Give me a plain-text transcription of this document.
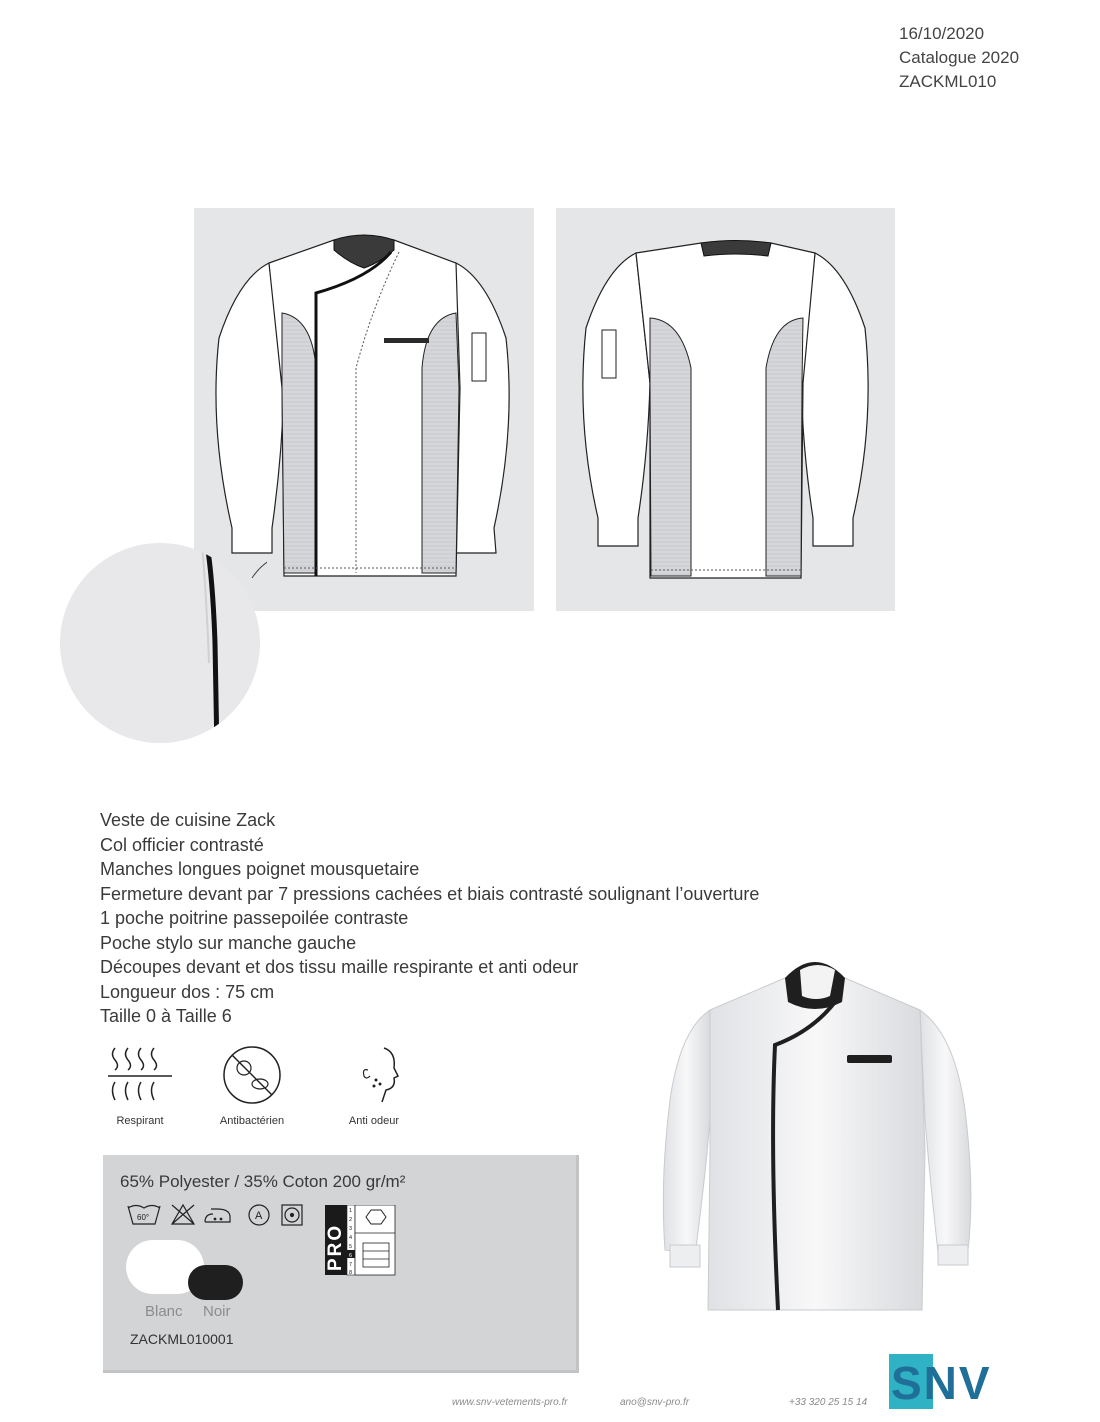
16/10/2020
Catalogue 2020
ZACKML010
Veste de cuisine Zack
Col officier contrasté
Manches longues poignet mousquetaire
Fermeture devant par 7 pressions cachées et biais contrasté soulignant l’ouverture
1 poche poitrine passepoilée contraste
Poche stylo sur manche gauche
Découpes devant et dos tissu maille respirante et anti odeur
Longueur dos : 75 cm
Taille 0 à Taille 6
Respirant	Antibactérien	Anti odeur
65% Polyester / 35% Coton 200 gr/m²
60°	A
PRO
1
2
3
4
5
6
7
8
Blanc Noir
ZACKML010001
www.snv-vetements-pro.fr	ano@snv-pro.fr	+33 320 25 15 14 SNV
